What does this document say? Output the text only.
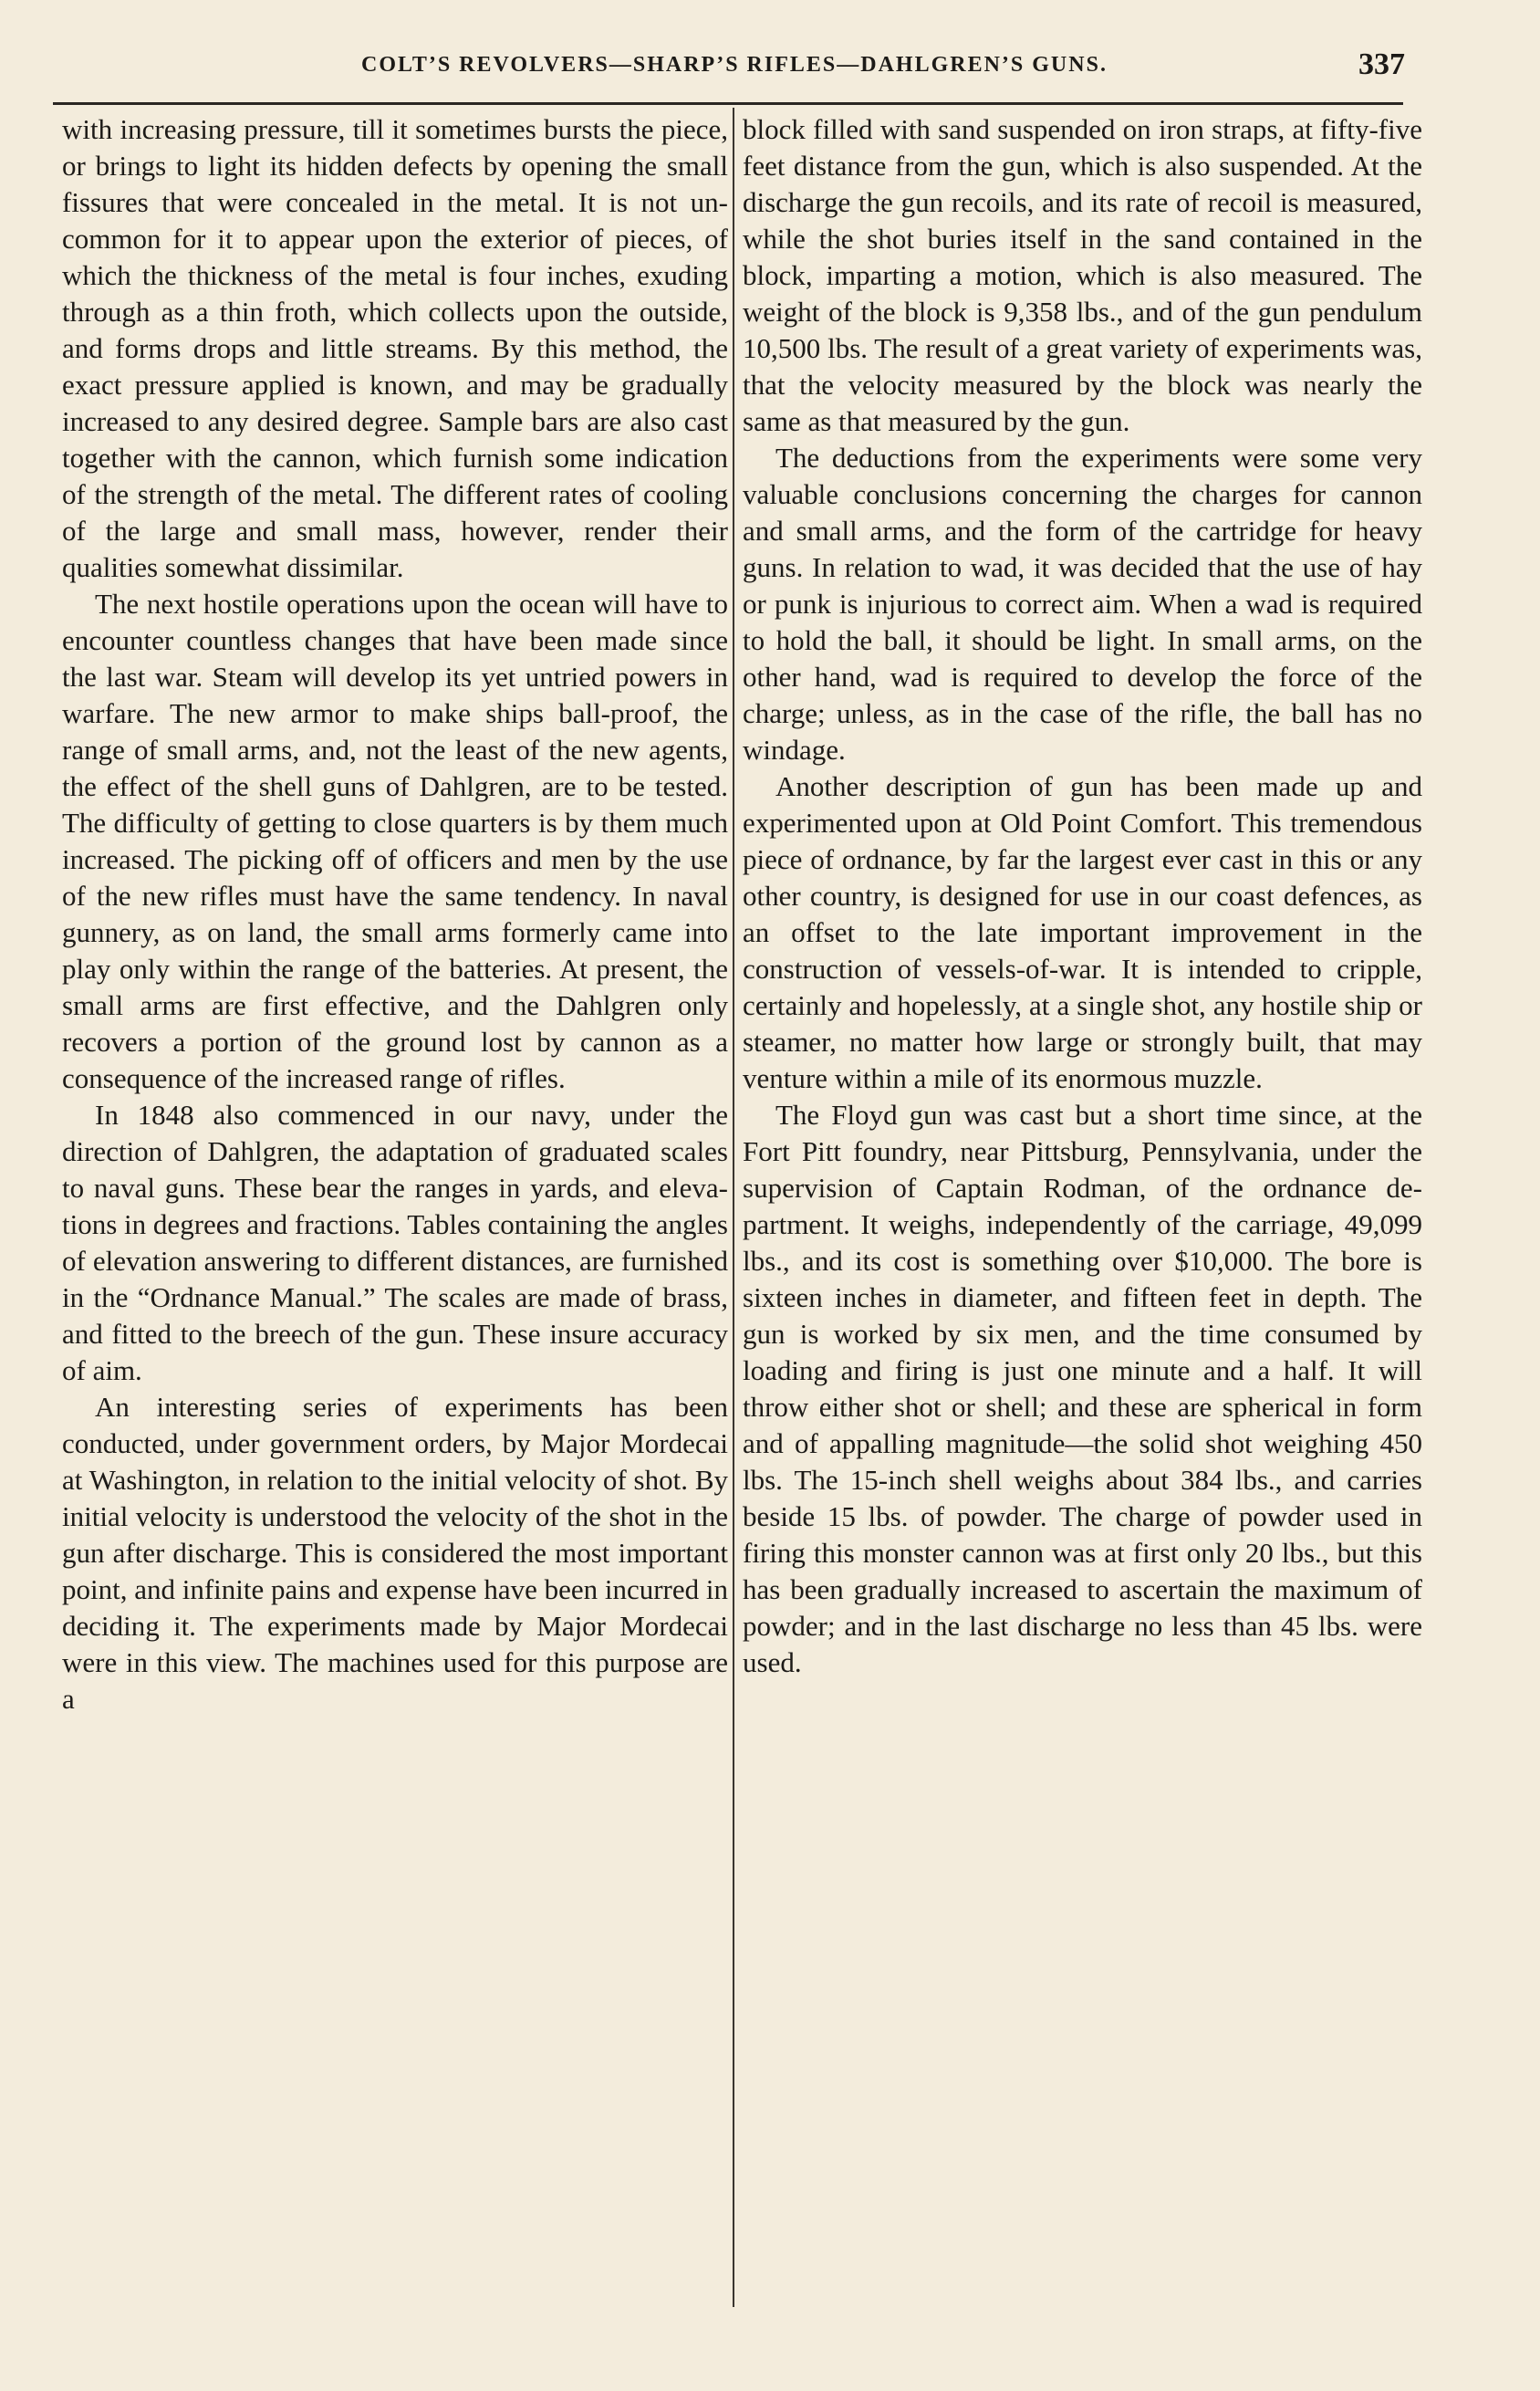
COLT’S REVOLVERS—SHARP’S RIFLES—DAHLGREN’S GUNS.	337

with increasing pressure, till it sometimes bursts the piece, or brings to light its hidden defects by opening the small fissures that were concealed in the metal. It is not uncommon for it to appear upon the exterior of pieces, of which the thickness of the metal is four inches, exuding through as a thin froth, which collects upon the outside, and forms drops and little streams. By this method, the exact pressure applied is known, and may be gradually increased to any desired degree. Sample bars are also cast together with the cannon, which furnish some indication of the strength of the metal. The different rates of cooling of the large and small mass, however, render their qualities somewhat dissimilar.

The next hostile operations upon the ocean will have to encounter countless changes that have been made since the last war. Steam will develop its yet untried powers in warfare. The new armor to make ships ball-proof, the range of small arms, and, not the least of the new agents, the effect of the shell guns of Dahlgren, are to be tested. The difficulty of getting to close quarters is by them much increased. The picking off of officers and men by the use of the new rifles must have the same tendency. In naval gunnery, as on land, the small arms formerly came into play only within the range of the batteries. At present, the small arms are first effective, and the Dahlgren only recovers a portion of the ground lost by cannon as a consequence of the increased range of rifles.

In 1848 also commenced in our navy, under the direction of Dahlgren, the adaptation of graduated scales to naval guns. These bear the ranges in yards, and elevations in degrees and fractions. Tables containing the angles of elevation answering to different distances, are furnished in the “Ordnance Manual.” The scales are made of brass, and fitted to the breech of the gun. These insure accuracy of aim.

An interesting series of experiments has been conducted, under government orders, by Major Mordecai at Washington, in relation to the initial velocity of shot. By initial velocity is understood the velocity of the shot in the gun after discharge. This is considered the most important point, and infinite pains and expense have been incurred in deciding it. The experiments made by Major Mordecai were in this view. The machines used for this purpose are a

block filled with sand suspended on iron straps, at fifty-five feet distance from the gun, which is also suspended. At the discharge the gun recoils, and its rate of recoil is measured, while the shot buries itself in the sand contained in the block, imparting a motion, which is also measured. The weight of the block is 9,358 lbs., and of the gun pendulum 10,500 lbs. The result of a great variety of experiments was, that the velocity measured by the block was nearly the same as that measured by the gun.

The deductions from the experiments were some very valuable conclusions concerning the charges for cannon and small arms, and the form of the cartridge for heavy guns. In relation to wad, it was decided that the use of hay or punk is injurious to correct aim. When a wad is required to hold the ball, it should be light. In small arms, on the other hand, wad is required to develop the force of the charge; unless, as in the case of the rifle, the ball has no windage.

Another description of gun has been made up and experimented upon at Old Point Comfort. This tremendous piece of ordnance, by far the largest ever cast in this or any other country, is designed for use in our coast defences, as an offset to the late important improvement in the construction of vessels-of-war. It is intended to cripple, certainly and hopelessly, at a single shot, any hostile ship or steamer, no matter how large or strongly built, that may venture within a mile of its enormous muzzle.

The Floyd gun was cast but a short time since, at the Fort Pitt foundry, near Pittsburg, Pennsylvania, under the supervision of Captain Rodman, of the ordnance department. It weighs, independently of the carriage, 49,099 lbs., and its cost is something over $10,000. The bore is sixteen inches in diameter, and fifteen feet in depth. The gun is worked by six men, and the time consumed by loading and firing is just one minute and a half. It will throw either shot or shell; and these are spherical in form and of appalling magnitude—the solid shot weighing 450 lbs. The 15-inch shell weighs about 384 lbs., and carries beside 15 lbs. of powder. The charge of powder used in firing this monster cannon was at first only 20 lbs., but this has been gradually increased to ascertain the maximum of powder; and in the last discharge no less than 45 lbs. were used.
